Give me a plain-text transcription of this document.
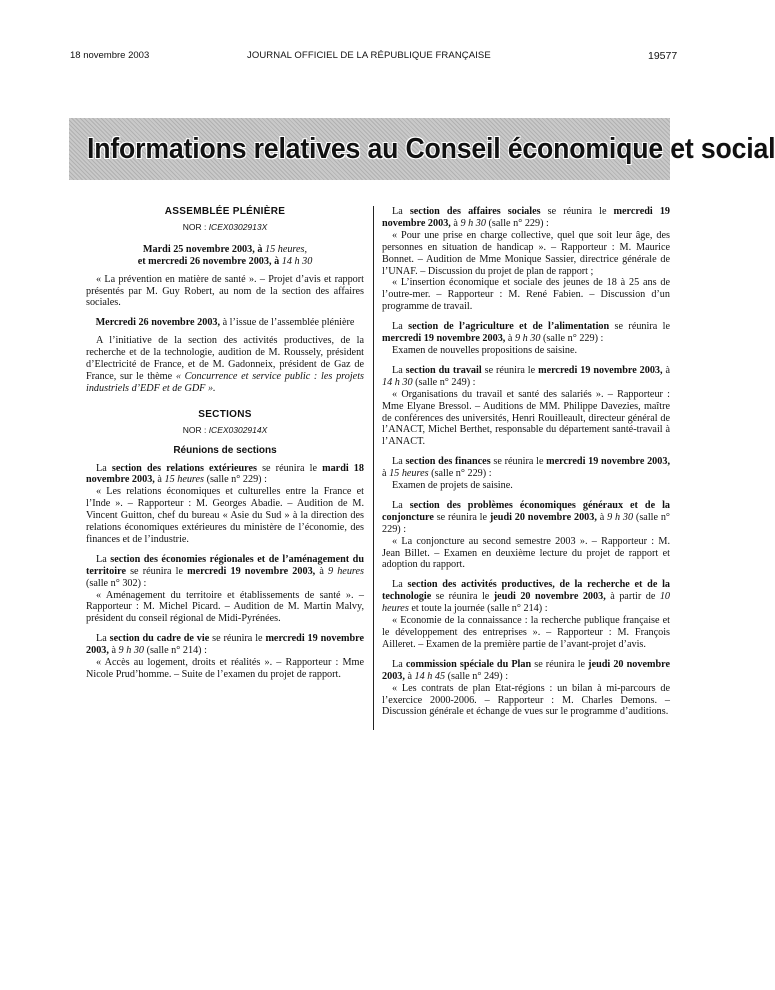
18 novembre 2003	JOURNAL OFFICIEL DE LA RÉPUBLIQUE FRANÇAISE	19577
Informations relatives au Conseil économique et social
ASSEMBLÉE PLÉNIÈRE
NOR : ICEX0302913X

Mardi 25 novembre 2003, à 15 heures,

et mercredi 26 novembre 2003, à 14 h 30

« La prévention en matière de santé ». – Projet d’avis et rapport présentés par M. Guy Robert, au nom de la section des affaires sociales.

Mercredi 26 novembre 2003, à l’issue de l’assemblée plénière

A l’initiative de la section des activités productives, de la recherche et de la technologie, audition de M. Roussely, président d’Electricité de France, et de M. Gadonneix, président de Gaz de France, sur le thème « Concurrence et service public : les projets industriels d’EDF et de GDF ».

SECTIONS
NOR : ICEX0302914X
Réunions de sections

La section des relations extérieures se réunira le mardi 18 novembre 2003, à 15 heures (salle n° 229) :

« Les relations économiques et culturelles entre la France et l’Inde ». – Rapporteur : M. Georges Abadie. – Audition de M. Vincent Guitton, chef du bureau « Asie du Sud » à la direction des relations économiques extérieures du ministère de l’économie, des finances et de l’industrie.

La section des économies régionales et de l’aménagement du territoire se réunira le mercredi 19 novembre 2003, à 9 heures (salle n° 302) :

« Aménagement du territoire et établissements de santé ». – Rapporteur : M. Michel Picard. – Audition de M. Martin Malvy, président du conseil régional de Midi-Pyrénées.

La section du cadre de vie se réunira le mercredi 19 novembre 2003, à 9 h 30 (salle n° 214) :

« Accès au logement, droits et réalités ». – Rapporteur : Mme Nicole Prud’homme. – Suite de l’examen du projet de rapport.

La section des affaires sociales se réunira le mercredi 19 novembre 2003, à 9 h 30 (salle n° 229) :

« Pour une prise en charge collective, quel que soit leur âge, des personnes en situation de handicap ». – Rapporteur : M. Maurice Bonnet. – Audition de Mme Monique Sassier, directrice générale de l’UNAF. – Discussion du projet de plan de rapport ;

« L’insertion économique et sociale des jeunes de 18 à 25 ans de l’outre-mer. – Rapporteur : M. René Fabien. – Discussion d’un programme de travail.

La section de l’agriculture et de l’alimentation se réunira le mercredi 19 novembre 2003, à 9 h 30 (salle n° 229) :

Examen de nouvelles propositions de saisine.

La section du travail se réunira le mercredi 19 novembre 2003, à 14 h 30 (salle n° 249) :

« Organisations du travail et santé des salariés ». – Rapporteur : Mme Elyane Bressol. – Auditions de MM. Philippe Davezies, maître de conférences des universités, Henri Rouilleault, directeur général de l’ANACT, Michel Berthet, responsable du département santé-travail à l’ANACT.

La section des finances se réunira le mercredi 19 novembre 2003, à 15 heures (salle n° 229) :

Examen de projets de saisine.

La section des problèmes économiques généraux et de la conjoncture se réunira le jeudi 20 novembre 2003, à 9 h 30 (salle n° 229) :

« La conjoncture au second semestre 2003 ». – Rapporteur : M. Jean Billet. – Examen en deuxième lecture du projet de rapport et adoption du rapport.

La section des activités productives, de la recherche et de la technologie se réunira le jeudi 20 novembre 2003, à partir de 10 heures et toute la journée (salle n° 214) :

« Economie de la connaissance : la recherche publique française et le développement des entreprises ». – Rapporteur : M. François Ailleret. – Examen de la première partie de l’avant-projet d’avis.

La commission spéciale du Plan se réunira le jeudi 20 novembre 2003, à 14 h 45 (salle n° 249) :

« Les contrats de plan Etat-régions : un bilan à mi-parcours de l’exercice 2000-2006. – Rapporteur : M. Charles Demons. – Discussion générale et échange de vues sur le programme d’auditions.
